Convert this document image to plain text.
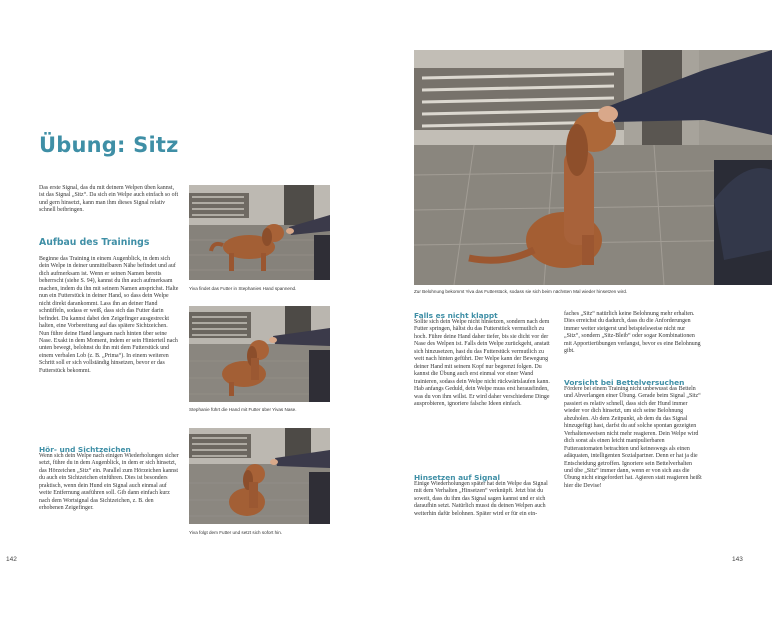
Übung: Sitz

Das erste Signal, das du mit deinem Welpen üben kannst, ist das Signal „Sitz“. Da sich ein Welpe auch einfach so oft und gern hinsetzt, kann man ihm dieses Signal relativ schnell beibringen.

Aufbau des Trainings

Beginne das Training in einem Augenblick, in dem sich dein Welpe in deiner unmittelbaren Nähe befindet und auf dich aufmerksam ist. Wenn er seinen Namen bereits beherrscht (siehe S. 94), kannst du ihn auch aufmerksam machen, indem du ihn mit seinem Namen ansprichst. Halte nun ein Futterstück in deiner Hand, so dass dein Welpe nicht direkt darankommt. Lass ihn an deiner Hand schnüffeln, sodass er weiß, dass sich das Futter darin befindet. Du kannst dabei den Zeigefinger ausgestreckt halten, eine Vorbereitung auf das spätere Sichtzeichen. Nun führe deine Hand langsam nach hinten über seine Nase. Exakt in dem Moment, indem er sein Hinterteil nach unten bewegt, belohnst du ihn mit dem Futterstück und einem verbalen Lob (z. B. „Prima“). In einem weiteren Schritt soll er sich vollständig hinsetzen, bevor er das Futterstück bekommt.

Hör- und Sichtzeichen

Wenn sich dein Welpe nach einigen Wiederholungen sicher setzt, führe du in dem Augenblick, in dem er sich hinsetzt, das Hörzeichen „Sitz“ ein. Parallel zum Hörzeichen kannst du auch ein Sichtzeichen einführen. Dies ist besonders praktisch, wenn dein Hund ein Signal auch einmal auf weite Entfernung ausführen soll. Gib dann einfach kurz nach dem Wortsignal das Sichtzeichen, z. B. den erhobenen Zeigefinger.

Yiva findet das Futter in Stephanies Hand spannend.

Stephanie führt die Hand mit Futter über Yivas Nase.

Yiva folgt dem Futter und setzt sich sofort hin.

142

Zur Belohnung bekommt Yiva das Futterstück, sodass sie sich beim nächsten Mal wieder hinsetzen wird.

Falls es nicht klappt

Sollte sich dein Welpe nicht hinsetzen, sondern nach dem Futter springen, hältst du das Futterstück vermutlich zu hoch. Führe deine Hand daher tiefer, bis sie dicht vor der Nase des Welpen ist. Falls dein Welpe zurückgeht, anstatt sich hinzusetzen, hast du das Futterstück vermutlich zu weit nach hinten geführt. Der Welpe kann der Bewegung deiner Hand mit seinem Kopf nur begrenzt folgen. Du kannst die Übung auch erst einmal vor einer Wand trainieren, sodass dein Welpe nicht rückwärtslaufen kann. Hab anfangs Geduld, dein Welpe muss erst herausfinden, was du von ihm willst. Er wird daher verschiedene Dinge ausprobieren, ignoriere falsche Ideen einfach.

Hinsetzen auf Signal

Einige Wiederholungen später hat dein Welpe das Signal mit dem Verhalten „Hinsetzen“ verknüpft. Jetzt bist du soweit, dass du ihm das Signal sagen kannst und er sich daraufhin setzt. Natürlich musst du deinen Welpen auch weiterhin dafür belohnen. Später wird er für ein ein-

faches „Sitz“ natürlich keine Belohnung mehr erhalten. Dies erreichst du dadurch, dass du die Anforderungen immer weiter steigerst und beispielsweise nicht nur „Sitz“, sondern „Sitz-Bleib“ oder sogar Kombinationen mit Apportierübungen verlangst, bevor es eine Belohnung gibt.

Vorsicht bei Bettelversuchen

Fördere bei einem Training nicht unbewusst das Betteln und Abverlangen einer Übung. Gerade beim Signal „Sitz“ passiert es relativ schnell, dass sich der Hund immer wieder vor dich hinsetzt, um sich seine Belohnung abzuholen. Ab dem Zeitpunkt, ab dem du das Signal hinzugefügt hast, darfst du auf solche spontan gezeigten Verhaltensweisen nicht mehr reagieren. Dein Welpe wird dich sonst als einen leicht manipulierbaren Futterautomaten betrachten und keineswegs als einen adäquaten, intelligenten Sozialpartner. Denn er hat ja die Entscheidung getroffen. Ignoriere sein Bettelverhalten und übe „Sitz“ immer dann, wenn er von sich aus die Übung nicht eingefordert hat. Agieren statt reagieren heißt hier die Devise!

143
